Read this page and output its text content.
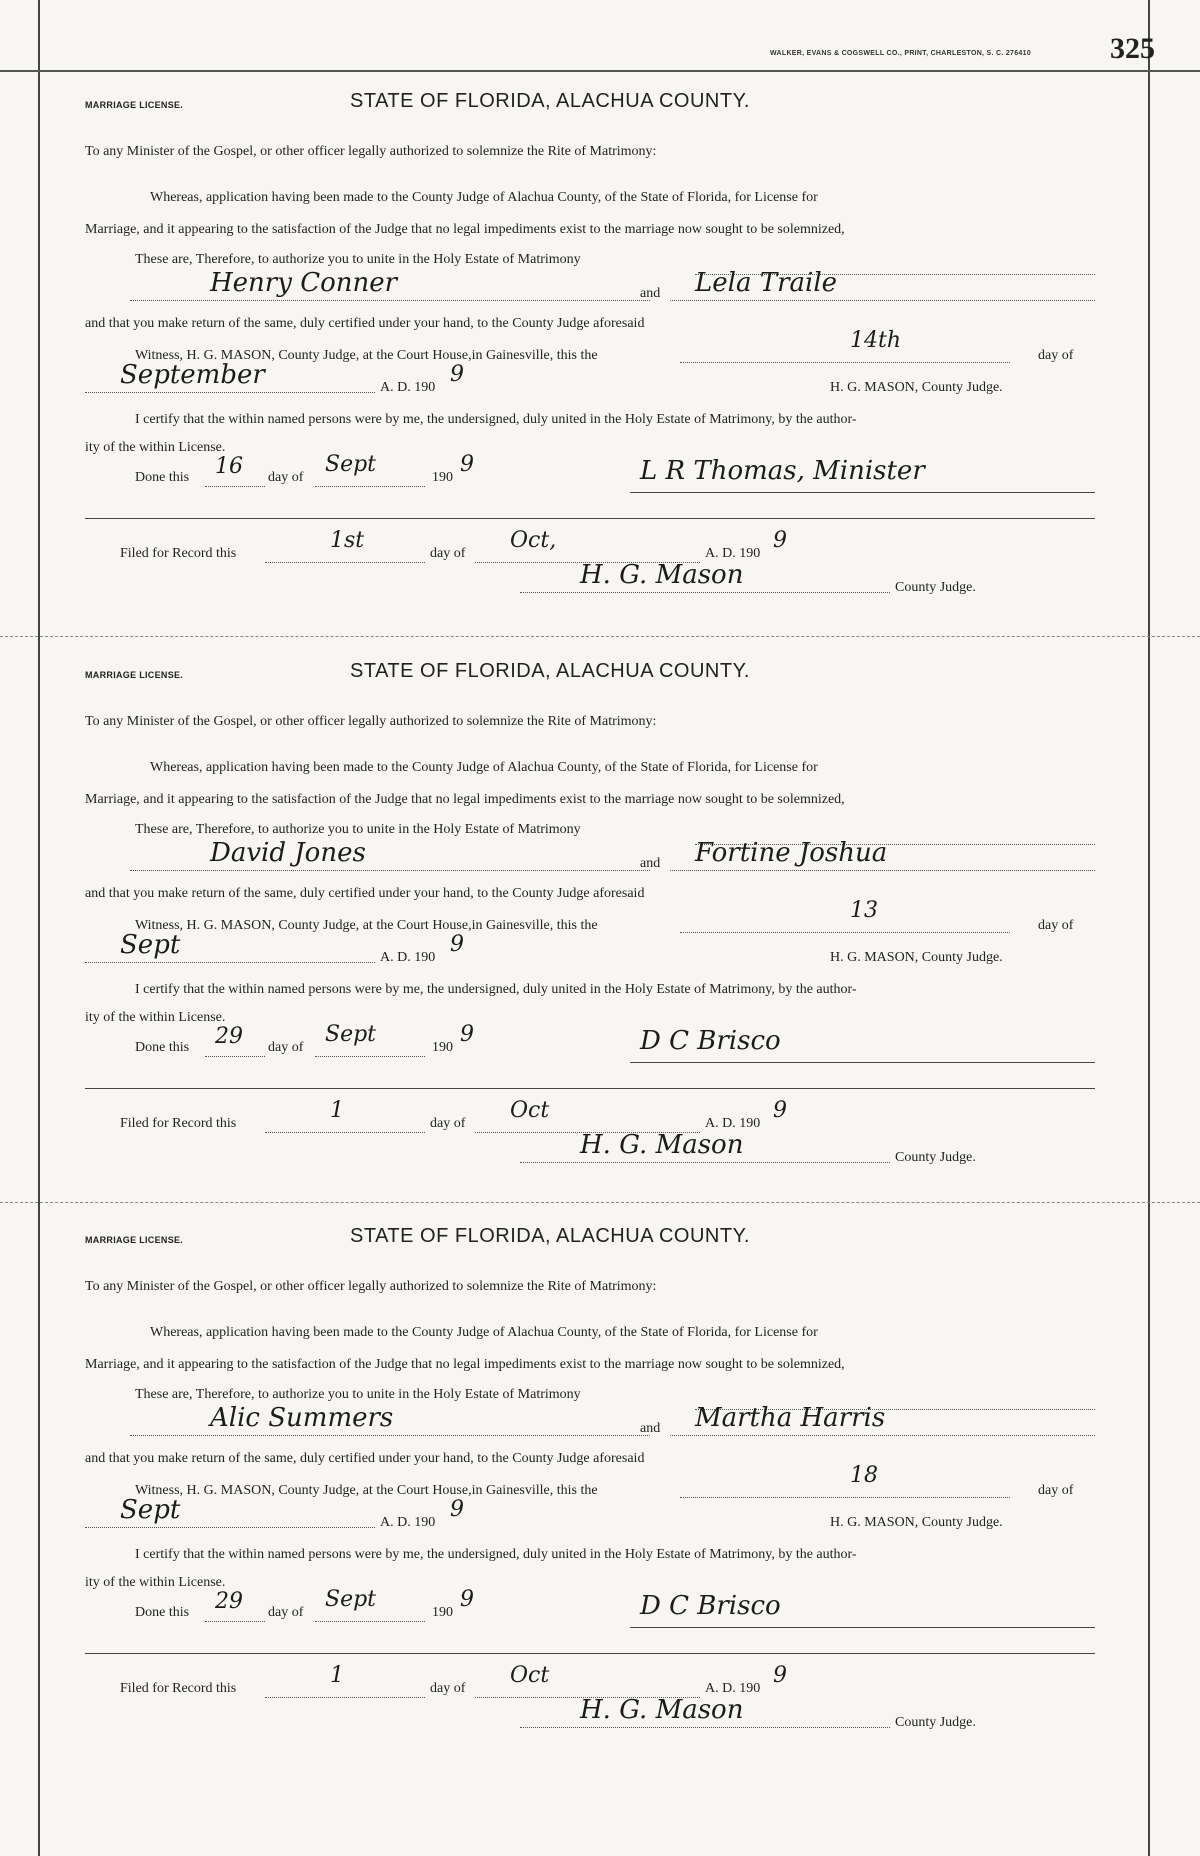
WALKER, EVANS & COGSWELL CO., PRINT, CHARLESTON, S. C. 276410	325
MARRIAGE LICENSE.	STATE OF FLORIDA, ALACHUA COUNTY.
To any Minister of the Gospel, or other officer legally authorized to solemnize the Rite of Matrimony:
Whereas, application having been made to the County Judge of Alachua County, of the State of Florida, for License for
Marriage, and it appearing to the satisfaction of the Judge that no legal impediments exist to the marriage now sought to be solemnized,
These are, Therefore, to authorize you to unite in the Holy Estate of Matrimony
Henry Conner	and Lela Traile
and that you make return of the same, duly certified under your hand, to the County Judge aforesaid
Witness, H. G. MASON, County Judge, at the Court House,in Gainesville, this the
14th
day of
September	A. D. 190
9
H. G. MASON, County Judge.
I certify that the within named persons were by me, the undersigned, duly united in the Holy Estate of Matrimony, by the author-
ity of the within License.
Done this 16 day of
Sept
190
9	L R Thomas, Minister
Filed for Record this
1st
day of
Oct,
A. D. 190
9
H. G. Mason	County Judge.
MARRIAGE LICENSE.	STATE OF FLORIDA, ALACHUA COUNTY.
To any Minister of the Gospel, or other officer legally authorized to solemnize the Rite of Matrimony:
Whereas, application having been made to the County Judge of Alachua County, of the State of Florida, for License for
Marriage, and it appearing to the satisfaction of the Judge that no legal impediments exist to the marriage now sought to be solemnized,
These are, Therefore, to authorize you to unite in the Holy Estate of Matrimony
David Jones	and Fortine Joshua
and that you make return of the same, duly certified under your hand, to the County Judge aforesaid
Witness, H. G. MASON, County Judge, at the Court House,in Gainesville, this the
13
day of
Sept	A. D. 190
9
H. G. MASON, County Judge.
I certify that the within named persons were by me, the undersigned, duly united in the Holy Estate of Matrimony, by the author-
ity of the within License.
Done this 29 day of
Sept
190
9	D C Brisco
Filed for Record this
1
day of
Oct
A. D. 190
9
H. G. Mason	County Judge.
MARRIAGE LICENSE.	STATE OF FLORIDA, ALACHUA COUNTY.
To any Minister of the Gospel, or other officer legally authorized to solemnize the Rite of Matrimony:
Whereas, application having been made to the County Judge of Alachua County, of the State of Florida, for License for
Marriage, and it appearing to the satisfaction of the Judge that no legal impediments exist to the marriage now sought to be solemnized,
These are, Therefore, to authorize you to unite in the Holy Estate of Matrimony
Alic Summers	and Martha Harris
and that you make return of the same, duly certified under your hand, to the County Judge aforesaid
Witness, H. G. MASON, County Judge, at the Court House,in Gainesville, this the
18
day of
Sept	A. D. 190
9
H. G. MASON, County Judge.
I certify that the within named persons were by me, the undersigned, duly united in the Holy Estate of Matrimony, by the author-
ity of the within License.
Done this 29 day of
Sept
190
9	D C Brisco
Filed for Record this
1
day of
Oct
A. D. 190
9
H. G. Mason	County Judge.
